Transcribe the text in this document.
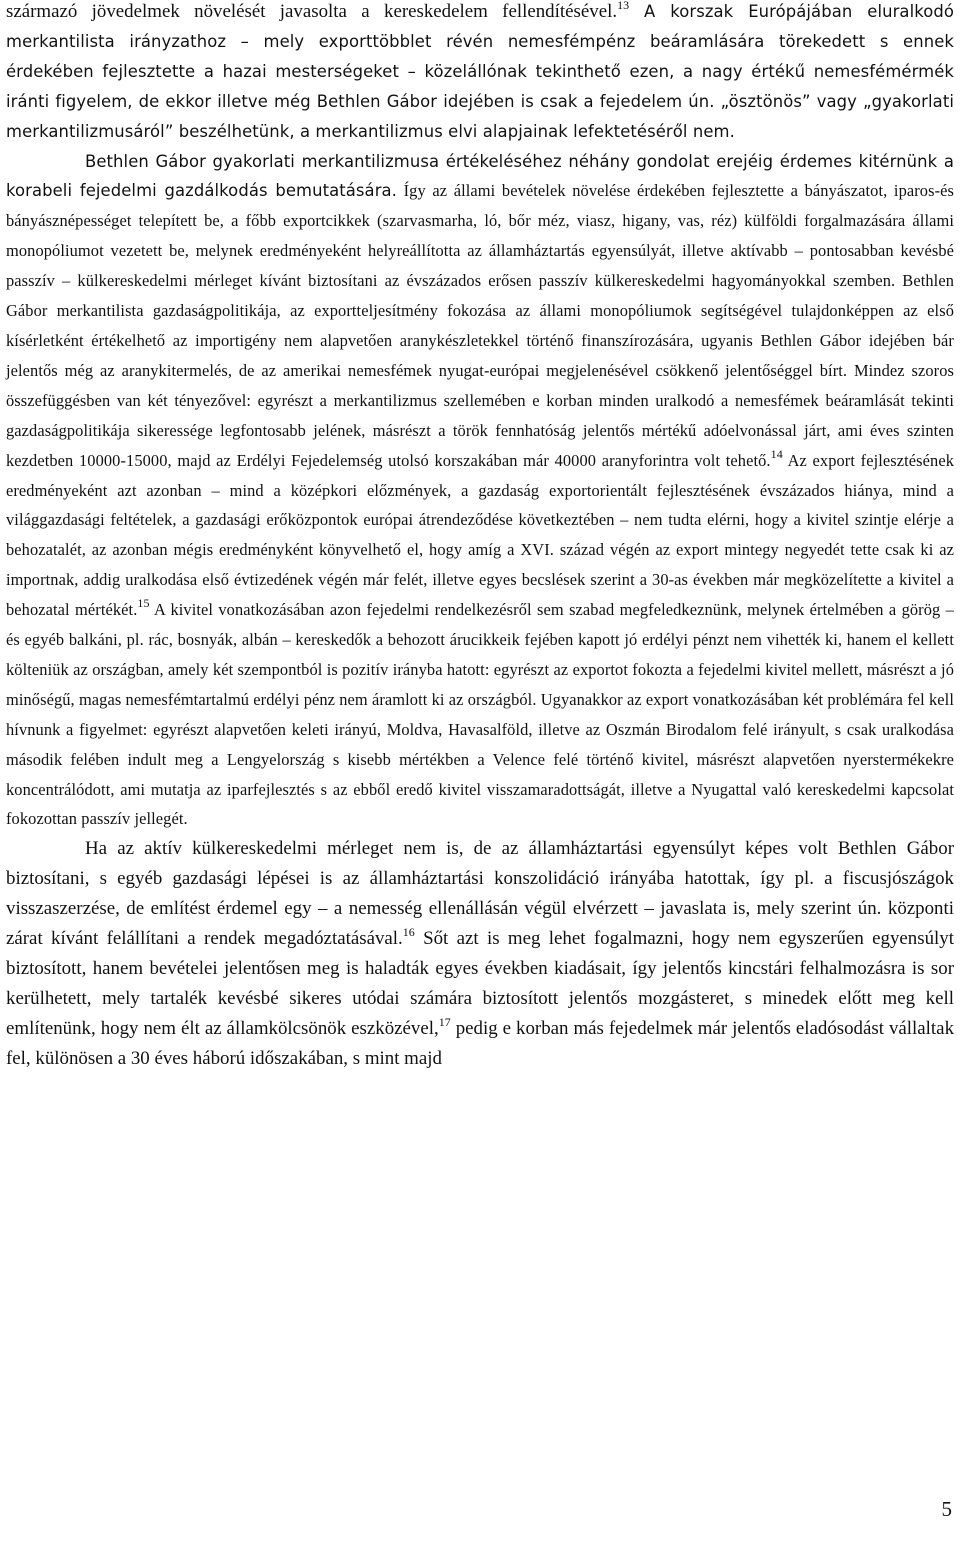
származó jövedelmek növelését javasolta a kereskedelem fellendítésével.$^{13}$ A korszak Európájában eluralkodó merkantilista irányzathoz – mely exporttöbblet révén nemesfémpénz beáramlására törekedett s ennek érdekében fejlesztette a hazai mesterségeket – közelállónak tekinthető ezen, a nagy értékű nemesfémérmék iránti figyelem, de ekkor illetve még Bethlen Gábor idejében is csak a fejedelem ún. „ösztönös” vagy „gyakorlati merkantilizmusáról” beszélhetünk, a merkantilizmus elvi alapjainak lefektetéséről nem.

Bethlen Gábor gyakorlati merkantilizmusa értékeléséhez néhány gondolat erejéig érdemes kitérnünk a korabeli fejedelmi gazdálkodás bemutatására. Így az állami bevételek növelése érdekében fejlesztette a bányászatot, iparos-és bányásznépességet telepített be, a főbb exportcikkek (szarvasmarha, ló, bőr méz, viasz, higany, vas, réz) külföldi forgalmazására állami monopóliumot vezetett be, melynek eredményeként helyreállította az államháztartás egyensúlyát, illetve aktívabb – pontosabban kevésbé passzív – külkereskedelmi mérleget kívánt biztosítani az évszázados erősen passzív külkereskedelmi hagyományokkal szemben. Bethlen Gábor merkantilista gazdaságpolitikája, az exportteljesítmény fokozása az állami monopóliumok segítségével tulajdonképpen az első kísérletként értékelhető az importigény nem alapvetően aranykészletekkel történő finanszírozására, ugyanis Bethlen Gábor idejében bár jelentős még az aranykitermelés, de az amerikai nemesfémek nyugat-európai megjelenésével csökkenő jelentőséggel bírt. Mindez szoros összefüggésben van két tényezővel: egyrészt a merkantilizmus szellemében e korban minden uralkodó a nemesfémek beáramlását tekinti gazdaságpolitikája sikeressége legfontosabb jelének, másrészt a török fennhatóság jelentős mértékű adóelvonással járt, ami éves szinten kezdetben 10000-15000, majd az Erdélyi Fejedelemség utolsó korszakában már 40000 aranyforintra volt tehető.$^{14}$ Az export fejlesztésének eredményeként azt azonban – mind a középkori előzmények, a gazdaság exportorientált fejlesztésének évszázados hiánya, mind a világgazdasági feltételek, a gazdasági erőközpontok európai átrendeződése következtében – nem tudta elérni, hogy a kivitel szintje elérje a behozatalét, az azonban mégis eredményként könyvelhető el, hogy amíg a XVI. század végén az export mintegy negyedét tette csak ki az importnak, addig uralkodása első évtizedének végén már felét, illetve egyes becslések szerint a 30-as években már megközelítette a kivitel a behozatal mértékét.$^{15}$ A kivitel vonatkozásában azon fejedelmi rendelkezésről sem szabad megfeledkeznünk, melynek értelmében a görög – és egyéb balkáni, pl. rác, bosnyák, albán – kereskedők a behozott árucikkeik fejében kapott jó erdélyi pénzt nem vihették ki, hanem el kellett költeniük az országban, amely két szempontból is pozitív irányba hatott: egyrészt az exportot fokozta a fejedelmi kivitel mellett, másrészt a jó minőségű, magas nemesfémtartalmú erdélyi pénz nem áramlott ki az országból. Ugyanakkor az export vonatkozásában két problémára fel kell hívnunk a figyelmet: egyrészt alapvetően keleti irányú, Moldva, Havasalföld, illetve az Oszmán Birodalom felé irányult, s csak uralkodása második felében indult meg a Lengyelország s kisebb mértékben a Velence felé történő kivitel, másrészt alapvetően nyerstermékekre koncentrálódott, ami mutatja az iparfejlesztés s az ebből eredő kivitel visszamaradottságát, illetve a Nyugattal való kereskedelmi kapcsolat fokozottan passzív jellegét.

Ha az aktív külkereskedelmi mérleget nem is, de az államháztartási egyensúlyt képes volt Bethlen Gábor biztosítani, s egyéb gazdasági lépései is az államháztartási konszolidáció irányába hatottak, így pl. a fiscusjószágok visszaszerzése, de említést érdemel egy – a nemesség ellenállásán végül elvérzett – javaslata is, mely szerint ún. központi zárat kívánt felállítani a rendek megadóztatásával.$^{16}$ Sőt azt is meg lehet fogalmazni, hogy nem egyszerűen egyensúlyt biztosított, hanem bevételei jelentősen meg is haladták egyes években kiadásait, így jelentős kincstári felhalmozásra is sor kerülhetett, mely tartalék kevésbé sikeres utódai számára biztosított jelentős mozgásteret, s minedek előtt meg kell említenünk, hogy nem élt az államkölcsönök eszközével,$^{17}$ pedig e korban más fejedelmek már jelentős eladósodást vállaltak fel, különösen a 30 éves háború időszakában, s mint majd

5
